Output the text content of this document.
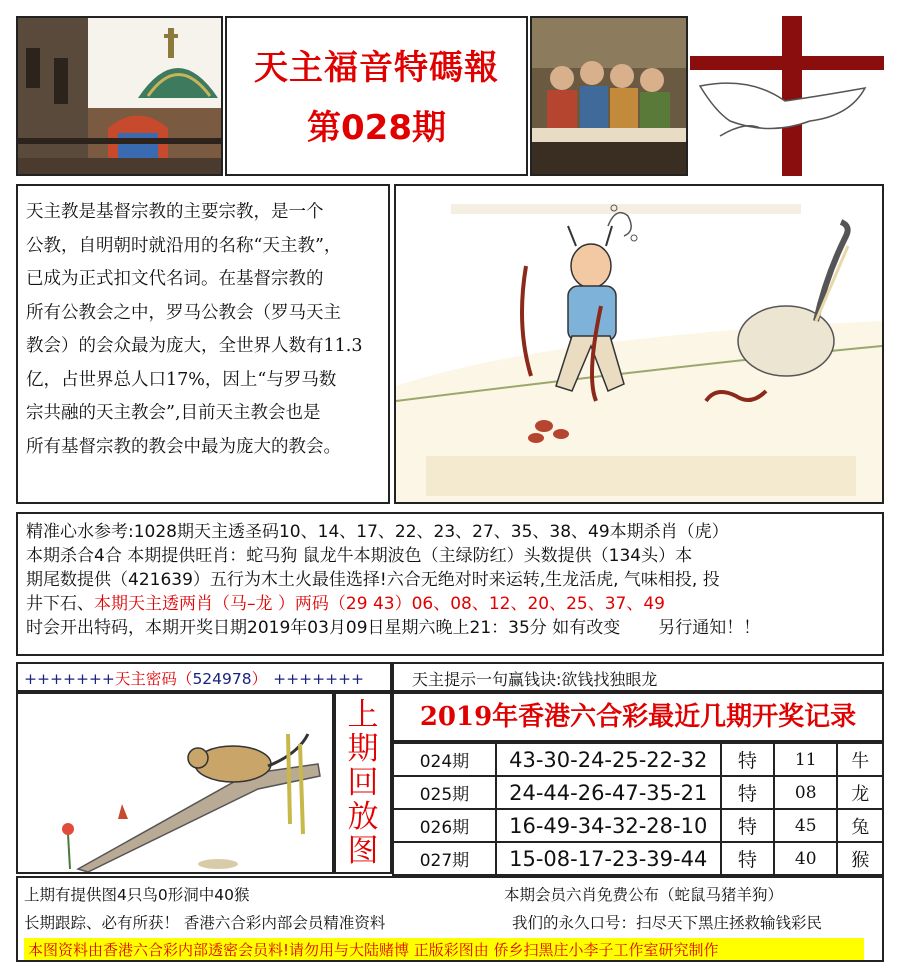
天主福音特碼報
第028期
天主教是基督宗教的主要宗教，是一个
公教，自明朝时就沿用的名称“天主教”，
已成为正式扣文代名词。在基督宗教的
所有公教会之中，罗马公教会（罗马天主
教会）的会众最为庞大，全世界人数有11.3
亿，占世界总人口17%，因上“与罗马数
宗共融的天主教会”,目前天主教会也是
所有基督宗教的教会中最为庞大的教会。
精准心水参考:1028期天主透圣码10、14、17、22、23、27、35、38、49本期杀肖（虎）
本期杀合4合 本期提供旺肖：蛇马狗 鼠龙牛本期波色（主绿防红）头数提供（134头）本
期尾数提供（421639）五行为木土火最佳选择!六合无绝对时来运转,生龙活虎, 气味相投, 投
井下石、本期天主透两肖（马–龙 ）两码（29 43）06、08、12、20、25、37、49
时会开出特码，本期开奖日期2019年03月09日星期六晚上21：35分 如有改变 另行通知！！
+++++++天主密码（524978） +++++++	天主提示一句赢钱诀:欲钱找独眼龙
上
期
回
放
图
2019年香港六合彩最近几期开奖记录
024期	43-30-24-25-22-32	特	11	牛
025期	24-44-26-47-35-21	特	08	龙
026期	16-49-34-32-28-10	特	45	兔
027期	15-08-17-23-39-44	特	40	猴
上期有提供图4只鸟0形洞中40猴	本期会员六肖免费公布（蛇鼠马猪羊狗）
长期跟踪、必有所获！ 香港六合彩内部会员精准资料	我们的永久口号：扫尽天下黑庄拯救输钱彩民
本图资料由香港六合彩内部透密会员料!请勿用与大陆赌博 正版彩图由 侨乡扫黑庄小李子工作室研究制作
